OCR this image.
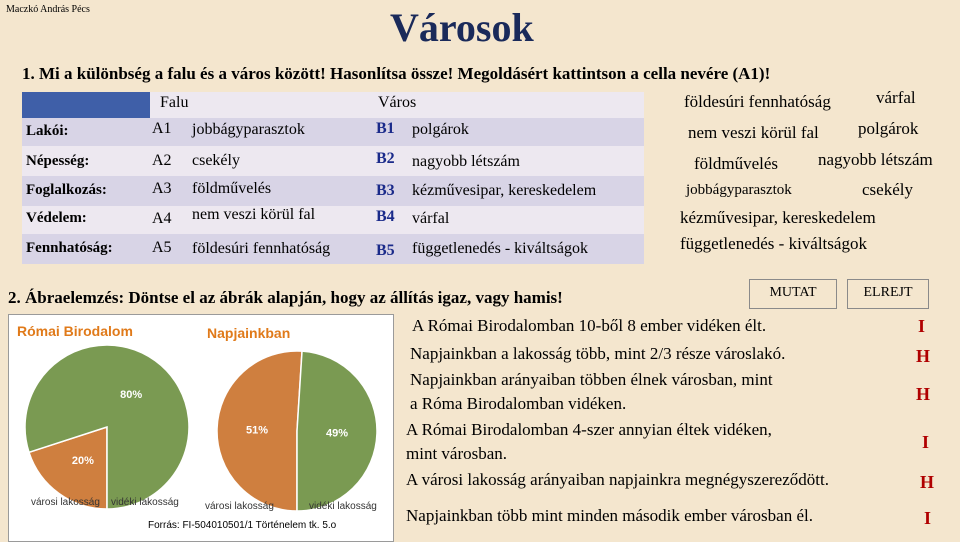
Maczkó András Pécs	Városok
1. Mi a különbség a falu és a város között! Hasonlítsa össze! Megoldásért kattintson a cella nevére (A1)!
Falu	Város
Lakói:	A1 jobbágyparasztok	B1 polgárok
Népesség:	A2 csekély	B2 nagyobb létszám
Foglalkozás:	A3 földművelés	B3 kézművesipar, kereskedelem
Védelem:	A4 nem veszi körül fal	B4 várfal
Fennhatóság: A5 földesúri fennhatóság	B5 függetlenedés - kiváltságok
földesúri fennhatóság	várfal
nem veszi körül fal polgárok
földművelés nagyobb létszám
jobbágyparasztok	csekély
kézművesipar, kereskedelem
függetlenedés - kiváltságok
MUTAT	ELREJT
2. Ábraelemzés: Döntse el az ábrák alapján, hogy az állítás igaz, vagy hamis!
Római Birodalom	Napjainkban
20%
80%
51%	49%
városi lakosság vidéki lakosság	városi lakosság	vidéki lakosság
Forrás: FI-504010501/1 Történelem tk. 5.o
A Római Birodalomban 10-ből 8 ember vidéken élt.	I
Napjainkban a lakosság több, mint 2/3 része városlakó.	H
Napjainkban arányaiban többen élnek városban, mint
a Róma Birodalomban vidéken.	H
A Római Birodalomban 4-szer annyian éltek vidéken,
mint városban.
I
A városi lakosság arányaiban napjainkra megnégyszereződött.	H
Napjainkban több mint minden második ember városban él.	I
